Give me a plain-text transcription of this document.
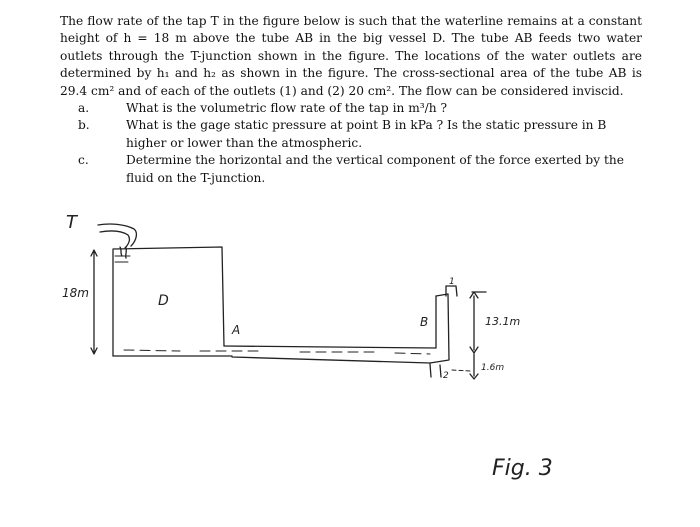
The flow rate of the tap T in the figure below is such that the waterline remains at a constant height of h = 18 m above the tube AB in the big vessel D. The tube AB feeds two water outlets through the T-junction shown in the figure. The locations of the water outlets are determined by h₁ and h₂ as shown in the figure. The cross-sectional area of the tube AB is 29.4 cm² and of each of the outlets (1) and (2) 20 cm². The flow can be considered inviscid.

a.	What is the volumetric flow rate of the tap in m³/h ?
b.	What is the gage static pressure at point B in kPa ? Is the static pressure in B higher or lower than the atmospheric.
c.	Determine the horizontal and the vertical component of the force exerted by the fluid on the T-junction.
T
18m	D
A
B
1
2
13.1m
1.6m
Fig. 3
